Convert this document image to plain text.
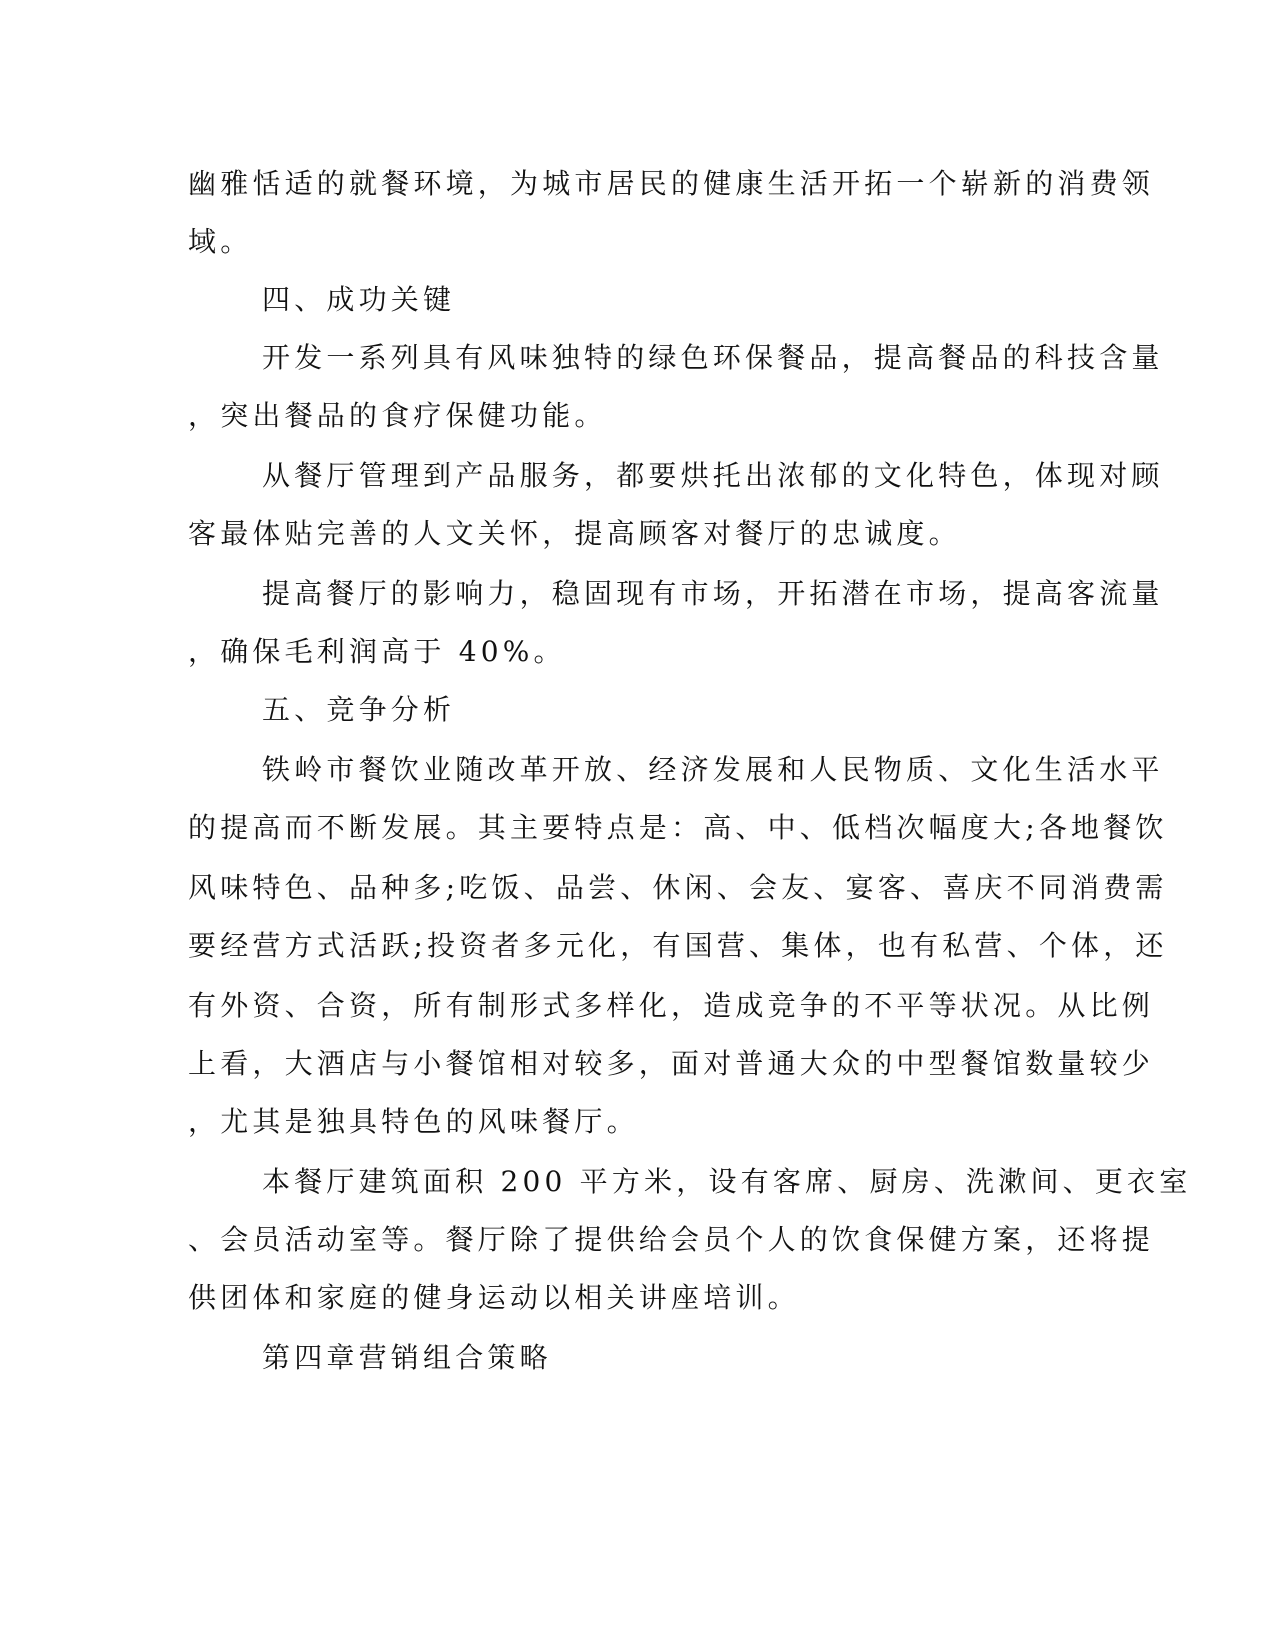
幽雅恬适的就餐环境，为城市居民的健康生活开拓一个崭新的消费领
域。
四、成功关键
开发一系列具有风味独特的绿色环保餐品，提高餐品的科技含量
，突出餐品的食疗保健功能。
从餐厅管理到产品服务，都要烘托出浓郁的文化特色，体现对顾
客最体贴完善的人文关怀，提高顾客对餐厅的忠诚度。
提高餐厅的影响力，稳固现有市场，开拓潜在市场，提高客流量
，确保毛利润高于 40%。
五、竞争分析
铁岭市餐饮业随改革开放、经济发展和人民物质、文化生活水平
的提高而不断发展。其主要特点是：高、中、低档次幅度大;各地餐饮
风味特色、品种多;吃饭、品尝、休闲、会友、宴客、喜庆不同消费需
要经营方式活跃;投资者多元化，有国营、集体，也有私营、个体，还
有外资、合资，所有制形式多样化，造成竞争的不平等状况。从比例
上看，大酒店与小餐馆相对较多，面对普通大众的中型餐馆数量较少
，尤其是独具特色的风味餐厅。
本餐厅建筑面积 200 平方米，设有客席、厨房、洗漱间、更衣室
、会员活动室等。餐厅除了提供给会员个人的饮食保健方案，还将提
供团体和家庭的健身运动以相关讲座培训。
第四章营销组合策略
